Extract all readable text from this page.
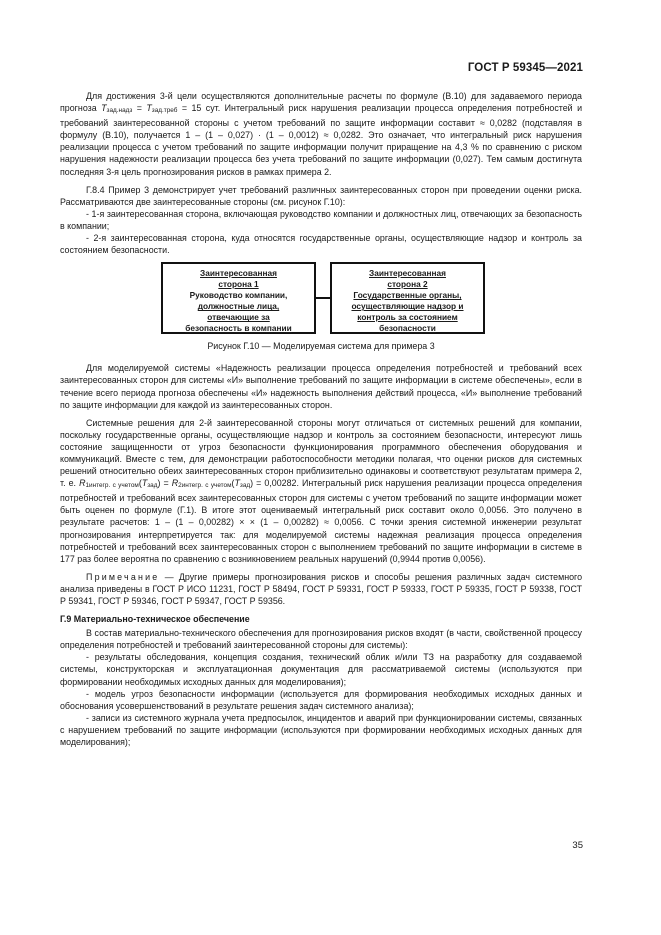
ГОСТ Р 59345—2021

Для достижения 3-й цели осуществляются дополнительные расчеты по формуле (В.10) для задаваемого периода прогноза Tзад.надз = Tзад.треб = 15 сут. Интегральный риск нарушения реализации процесса определения потребностей и требований заинтересованной стороны с учетом требований по защите информации составит ≈ 0,0282 (подставляя в формулу (В.10), получается 1 – (1 – 0,027) · (1 – 0,0012) ≈ 0,0282. Это означает, что интегральный риск нарушения реализации процесса с учетом требований по защите информации получит приращение на 4,3 % по сравнению с риском нарушения надежности реализации процесса без учета требований по защите информации (0,027). Тем самым достигнута последняя 3-я цель прогнозирования рисков в рамках примера 2.

Г.8.4 Пример 3 демонстрирует учет требований различных заинтересованных сторон при проведении оценки риска. Рассматриваются две заинтересованные стороны (см. рисунок Г.10):

- 1-я заинтересованная сторона, включающая руководство компании и должностных лиц, отвечающих за безопасность в компании;

- 2-я заинтересованная сторона, куда относятся государственные органы, осуществляющие надзор и контроль за состоянием безопасности.

Заинтересованная
сторона 1
Руководство компании,
должностные лица,
отвечающие за
безопасность в компании
Заинтересованная
сторона 2
Государственные органы,
осуществляющие надзор и
контроль за состоянием
безопасности
Рисунок Г.10 — Моделируемая система для примера 3

Для моделируемой системы «Надежность реализации процесса определения потребностей и требований всех заинтересованных сторон для системы «И» выполнение требований по защите информации в системе обеспечены», если в течение всего периода прогноза обеспечены «И» надежность выполнения действий процесса, «И» выполнение требований по защите информации для каждой из заинтересованных сторон.

Системные решения для 2-й заинтересованной стороны могут отличаться от системных решений для компании, поскольку государственные органы, осуществляющие надзор и контроль за состоянием безопасности, интересуют лишь состояние защищенности от угроз безопасности функционирования программного обеспечения оборудования и коммуникаций. Вместе с тем, для демонстрации работоспособности методики полагая, что оценки рисков для системных решений относительно обеих заинтересованных сторон приблизительно одинаковы и соответствуют результатам примера 2, т. е. R1интегр. с учетом(Tзад) = R2интегр. с учетом(Tзад) = 0,00282. Интегральный риск нарушения реализации процесса определения потребностей и требований всех заинтересованных сторон для системы с учетом требований по защите информации может быть оценен по формуле (Г.1). В итоге этот оцениваемый интегральный риск составит около 0,0056. Это получено в результате расчетов: 1 – (1 – 0,00282) × × (1 – 0,00282) ≈ 0,0056. С точки зрения системной инженерии результат прогнозирования интерпретируется так: для моделируемой системы надежная реализация процесса определения потребностей и требований всех заинтересованных сторон с выполнением требований по защите информации в системе в 177 раз более вероятна по сравнению с возникновением реальных нарушений (0,9944 против 0,0056).

Примечание — Другие примеры прогнозирования рисков и способы решения различных задач системного анализа приведены в ГОСТ Р ИСО 11231, ГОСТ Р 58494, ГОСТ Р 59331, ГОСТ Р 59333, ГОСТ Р 59335, ГОСТ Р 59338, ГОСТ Р 59341, ГОСТ Р 59346, ГОСТ Р 59347, ГОСТ Р 59356.

Г.9 Материально-техническое обеспечение

В состав материально-технического обеспечения для прогнозирования рисков входят (в части, свойственной процессу определения потребностей и требований заинтересованной стороны для системы):

- результаты обследования, концепция создания, технический облик и/или ТЗ на разработку для создаваемой системы, конструкторская и эксплуатационная документация для рассматриваемой системы (используются при формировании необходимых исходных данных для моделирования);

- модель угроз безопасности информации (используется для формирования необходимых исходных данных и обоснования усовершенствований в результате решения задач системного анализа);

- записи из системного журнала учета предпосылок, инцидентов и аварий при функционировании системы, связанных с нарушением требований по защите информации (используются при формировании необходимых исходных данных для моделирования);

35
